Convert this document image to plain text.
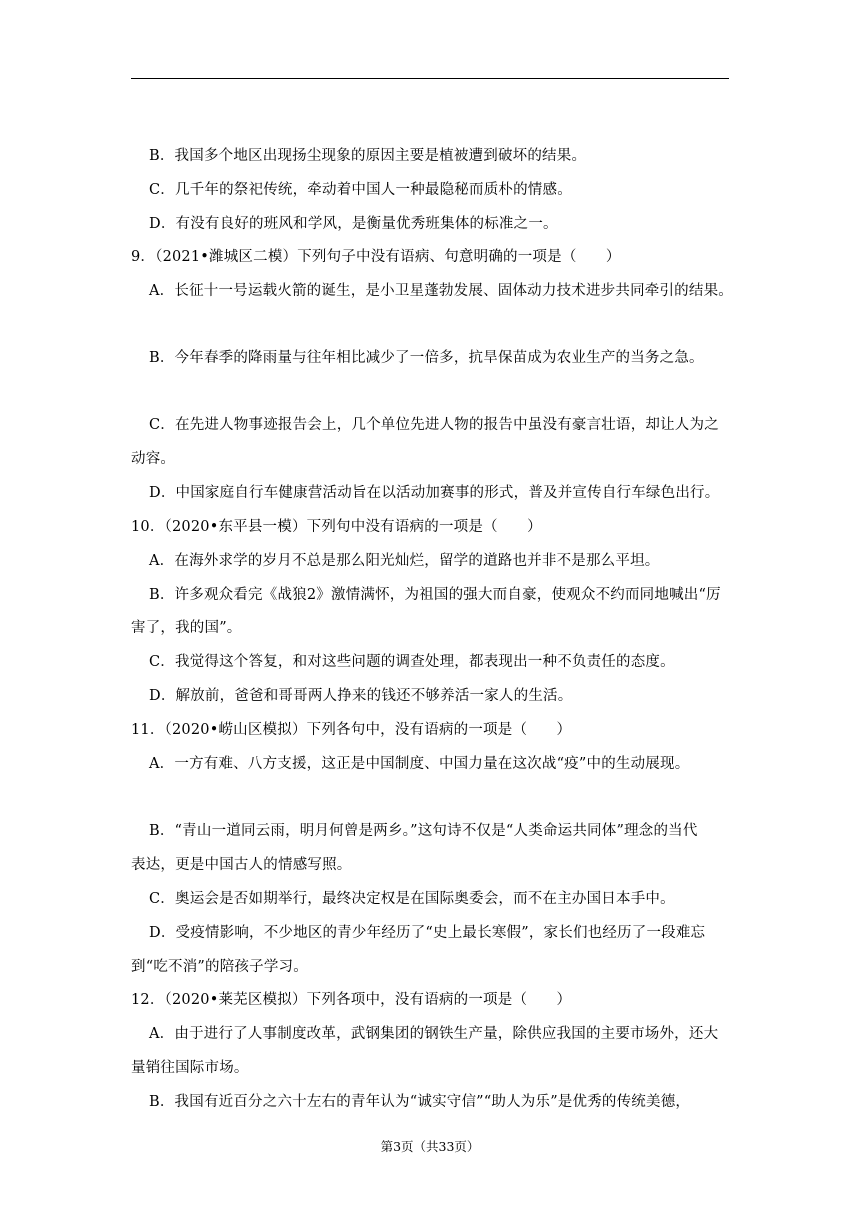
B．我国多个地区出现扬尘现象的原因主要是植被遭到破坏的结果。
C．几千年的祭祀传统，牵动着中国人一种最隐秘而质朴的情感。
D．有没有良好的班风和学风，是衡量优秀班集体的标准之一。
9．（2021•潍城区二模）下列句子中没有语病、句意明确的一项是（　　）
A．长征十一号运载火箭的诞生，是小卫星蓬勃发展、固体动力技术进步共同牵引的结果。
B．今年春季的降雨量与往年相比减少了一倍多，抗旱保苗成为农业生产的当务之急。
C．在先进人物事迹报告会上，几个单位先进人物的报告中虽没有豪言壮语，却让人为之
动容。
D．中国家庭自行车健康营活动旨在以活动加赛事的形式，普及并宣传自行车绿色出行。
10．（2020•东平县一模）下列句中没有语病的一项是（　　）
A．在海外求学的岁月不总是那么阳光灿烂，留学的道路也并非不是那么平坦。
B．许多观众看完《战狼2》激情满怀，为祖国的强大而自豪，使观众不约而同地喊出“厉
害了，我的国”。
C．我觉得这个答复，和对这些问题的调查处理，都表现出一种不负责任的态度。
D．解放前，爸爸和哥哥两人挣来的钱还不够养活一家人的生活。
11．（2020•崂山区模拟）下列各句中，没有语病的一项是（　　）
A．一方有难、八方支援，这正是中国制度、中国力量在这次战“疫”中的生动展现。
B．“青山一道同云雨，明月何曾是两乡。”这句诗不仅是“人类命运共同体”理念的当代
表达，更是中国古人的情感写照。
C．奥运会是否如期举行，最终决定权是在国际奥委会，而不在主办国日本手中。
D．受疫情影响，不少地区的青少年经历了“史上最长寒假”，家长们也经历了一段难忘
到“吃不消”的陪孩子学习。
12．（2020•莱芜区模拟）下列各项中，没有语病的一项是（　　）
A．由于进行了人事制度改革，武钢集团的钢铁生产量，除供应我国的主要市场外，还大
量销往国际市场。
B．我国有近百分之六十左右的青年认为“诚实守信”“助人为乐”是优秀的传统美德，
第3页（共33页）
